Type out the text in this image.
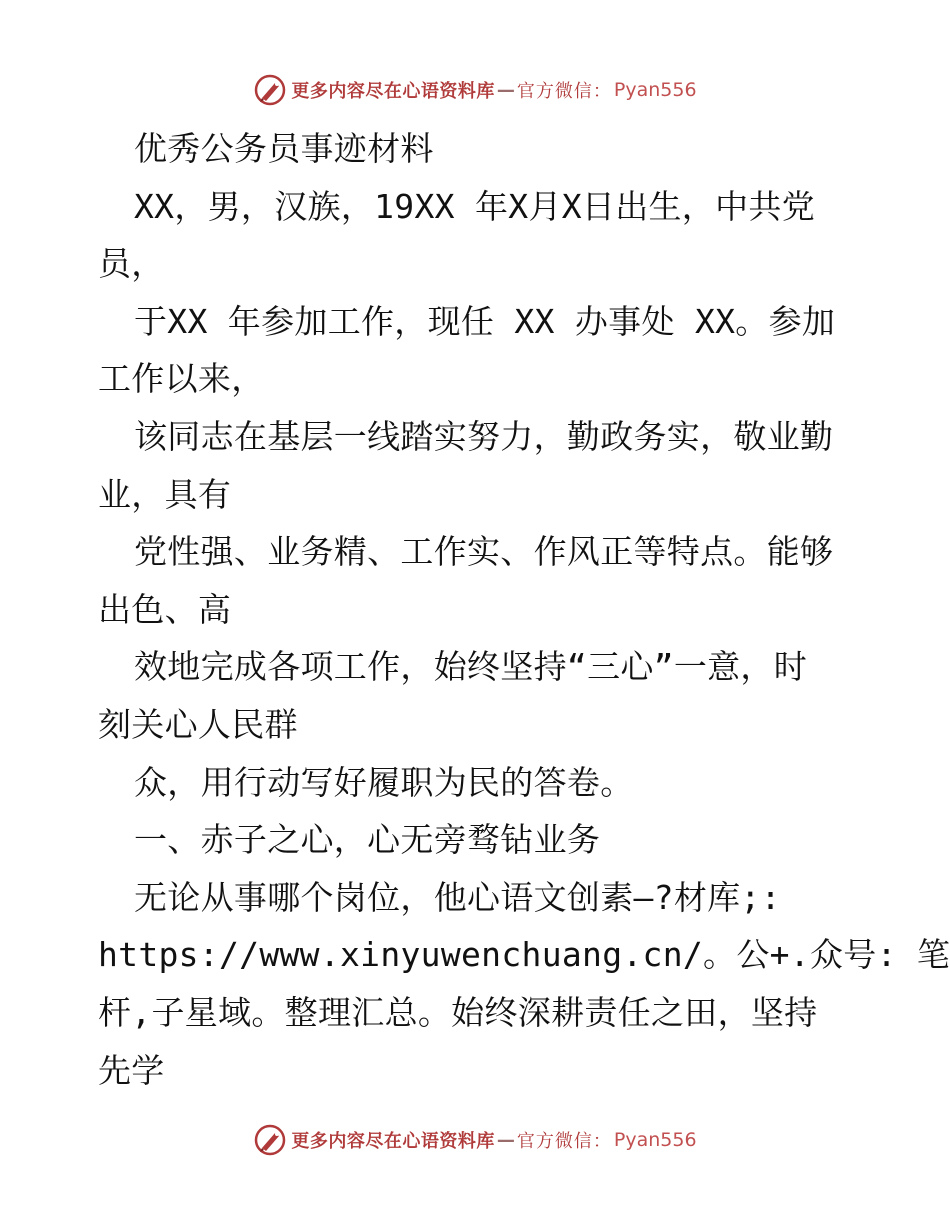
更多内容尽在心语资料库 — 官方微信： Pyan556
优秀公务员事迹材料
XX，男，汉族，19XX 年X月X日出生，中共党
员，
于XX 年参加工作，现任 XX 办事处 XX。参加
工作以来，
该同志在基层一线踏实努力，勤政务实，敬业勤
业，具有
党性强、业务精、工作实、作风正等特点。能够
出色、高
效地完成各项工作，始终坚持“三心”一意，时
刻关心人民群
众，用行动写好履职为民的答卷。
一、赤子之心，心无旁骛钻业务
无论从事哪个岗位，他心语文创素—?材库;:
https://www.xinyuwenchuang.cn/。公+.众号: 笔
杆,子星域。整理汇总。始终深耕责任之田，坚持
先学
更多内容尽在心语资料库 — 官方微信： Pyan556
